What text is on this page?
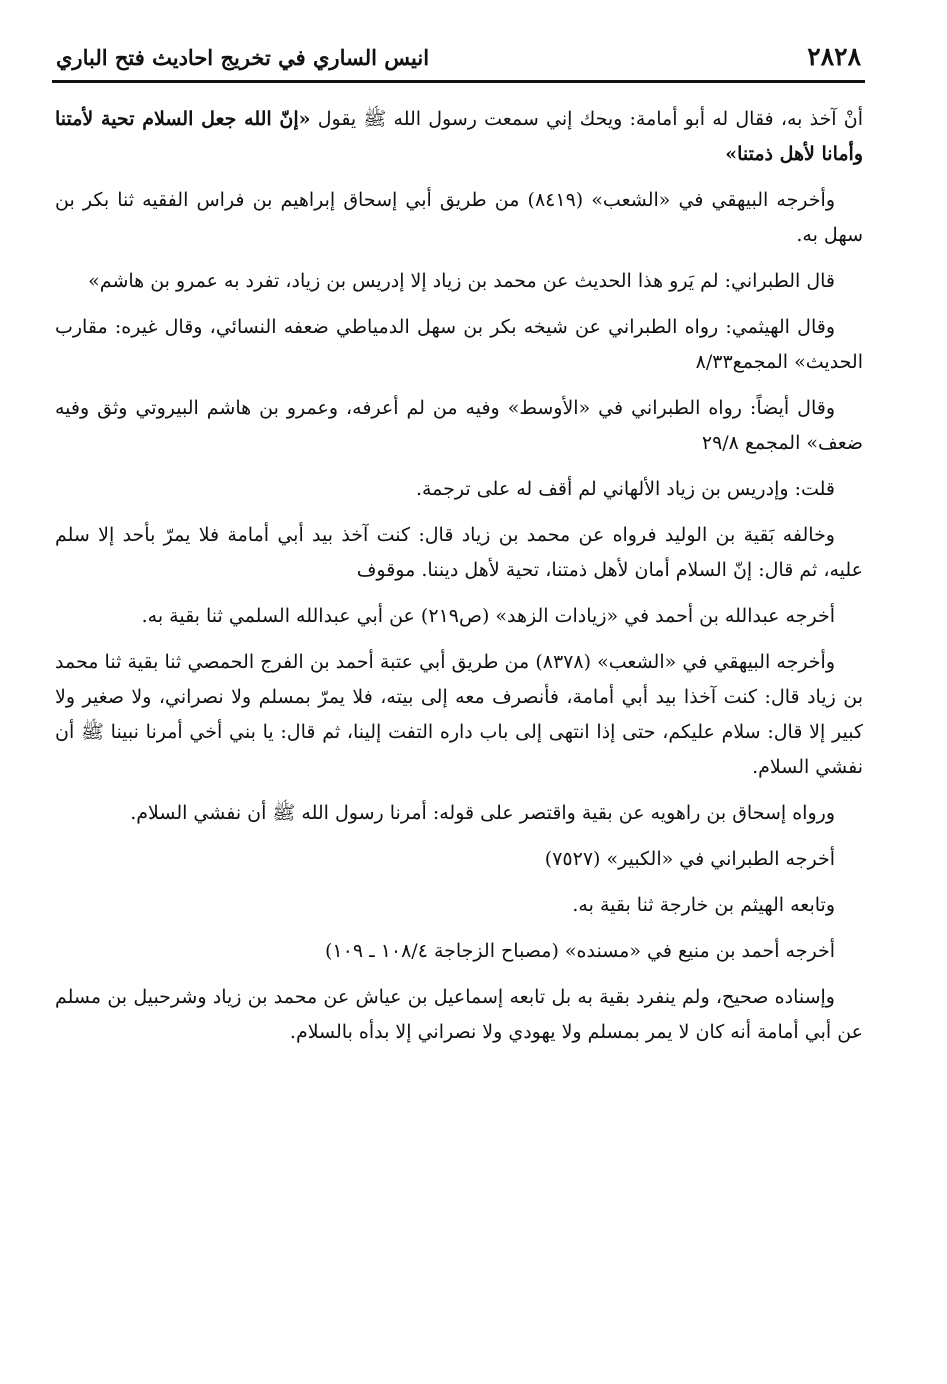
٢٨٢٨
انيس الساري في تخريج احاديث فتح الباري

أنْ آخذ به، فقال له أبو أمامة: ويحك إني سمعت رسول الله ﷺ يقول «إنّ الله جعل السلام تحية لأمتنا وأمانا لأهل ذمتنا»

وأخرجه البيهقي في «الشعب» (٨٤١٩) من طريق أبي إسحاق إبراهيم بن فراس الفقيه ثنا بكر بن سهل به.

قال الطبراني: لم يَرو هذا الحديث عن محمد بن زياد إلا إدريس بن زياد، تفرد به عمرو بن هاشم»

وقال الهيثمي: رواه الطبراني عن شيخه بكر بن سهل الدمياطي ضعفه النسائي، وقال غيره: مقارب الحديث» المجمع٨/٣٣

وقال أيضاً: رواه الطبراني في «الأوسط» وفيه من لم أعرفه، وعمرو بن هاشم البيروتي وثق وفيه ضعف» المجمع ٢٩/٨

قلت: وإدريس بن زياد الألهاني لم أقف له على ترجمة.

وخالفه بَقية بن الوليد فرواه عن محمد بن زياد قال: كنت آخذ بيد أبي أمامة فلا يمرّ بأحد إلا سلم عليه، ثم قال: إنّ السلام أمان لأهل ذمتنا، تحية لأهل ديننا. موقوف

أخرجه عبدالله بن أحمد في «زيادات الزهد» (ص٢١٩) عن أبي عبدالله السلمي ثنا بقية به.

وأخرجه البيهقي في «الشعب» (٨٣٧٨) من طريق أبي عتبة أحمد بن الفرج الحمصي ثنا بقية ثنا محمد بن زياد قال: كنت آخذا بيد أبي أمامة، فأنصرف معه إلى بيته، فلا يمرّ بمسلم ولا نصراني، ولا صغير ولا كبير إلا قال: سلام عليكم، حتى إذا انتهى إلى باب داره التفت إلينا، ثم قال: يا بني أخي أمرنا نبينا ﷺ أن نفشي السلام.

ورواه إسحاق بن راهويه عن بقية واقتصر على قوله: أمرنا رسول الله ﷺ أن نفشي السلام.

أخرجه الطبراني في «الكبير» (٧٥٢٧)

وتابعه الهيثم بن خارجة ثنا بقية به.

أخرجه أحمد بن منيع في «مسنده» (مصباح الزجاجة ١٠٨/٤ ـ ١٠٩)

وإسناده صحيح، ولم ينفرد بقية به بل تابعه إسماعيل بن عياش عن محمد بن زياد وشرحبيل بن مسلم عن أبي أمامة أنه كان لا يمر بمسلم ولا يهودي ولا نصراني إلا بدأه بالسلام.
